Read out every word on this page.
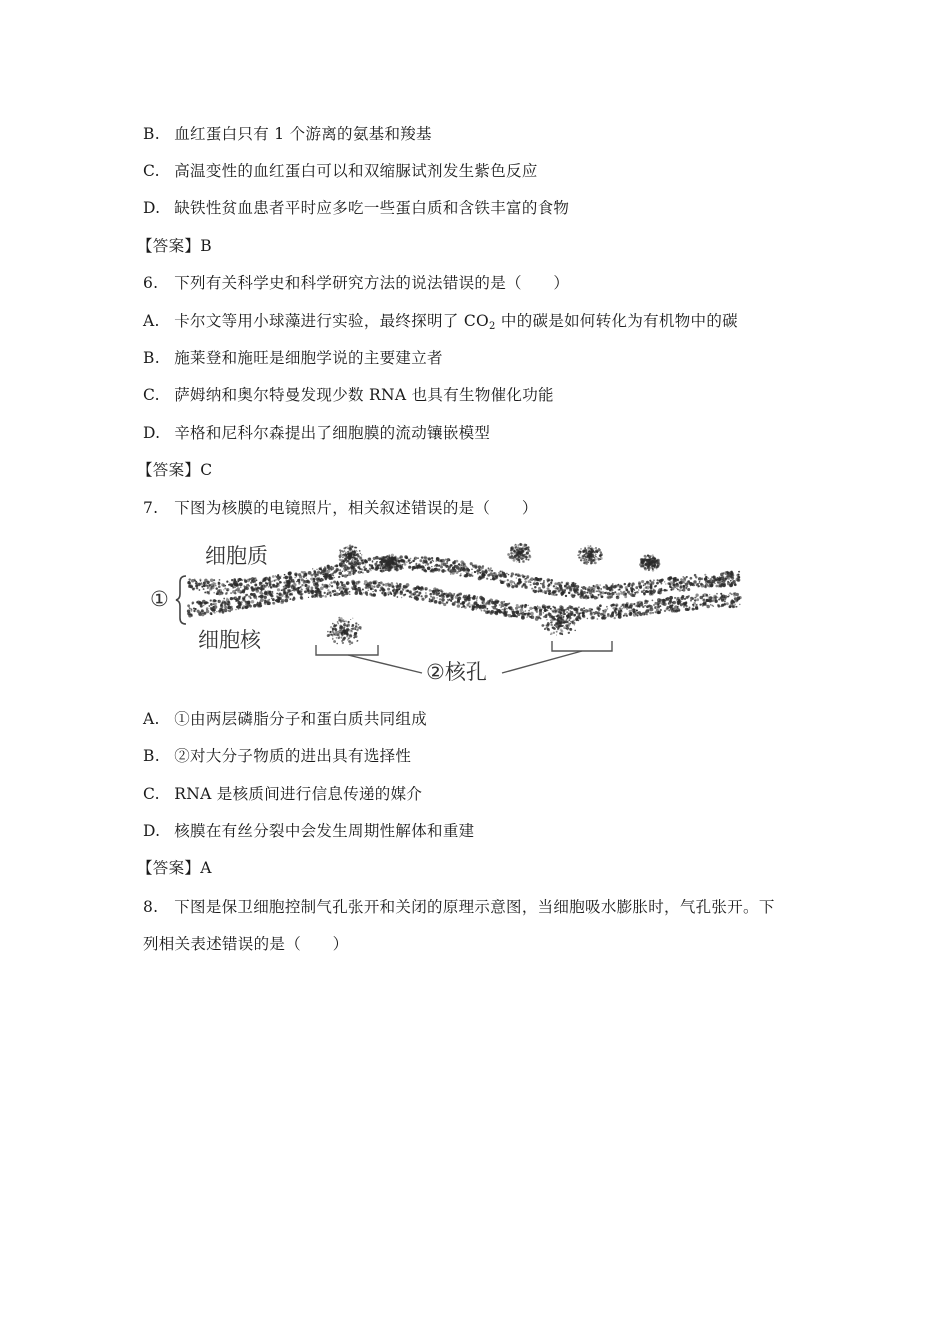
B. 血红蛋白只有 1 个游离的氨基和羧基
C. 高温变性的血红蛋白可以和双缩脲试剂发生紫色反应
D. 缺铁性贫血患者平时应多吃一些蛋白质和含铁丰富的食物
【答案】B
6. 下列有关科学史和科学研究方法的说法错误的是（　　）
A. 卡尔文等用小球藻进行实验，最终探明了 $CO_2$ 中的碳是如何转化为有机物中的碳
B. 施莱登和施旺是细胞学说的主要建立者
C. 萨姆纳和奥尔特曼发现少数 RNA 也具有生物催化功能
D. 辛格和尼科尔森提出了细胞膜的流动镶嵌模型
【答案】C
7. 下图为核膜的电镜照片，相关叙述错误的是（　　）
细胞质
细胞核
①
②核孔
A. ①由两层磷脂分子和蛋白质共同组成
B. ②对大分子物质的进出具有选择性
C. RNA 是核质间进行信息传递的媒介
D. 核膜在有丝分裂中会发生周期性解体和重建
【答案】A
8. 下图是保卫细胞控制气孔张开和关闭的原理示意图，当细胞吸水膨胀时，气孔张开。下
列相关表述错误的是（　　）
